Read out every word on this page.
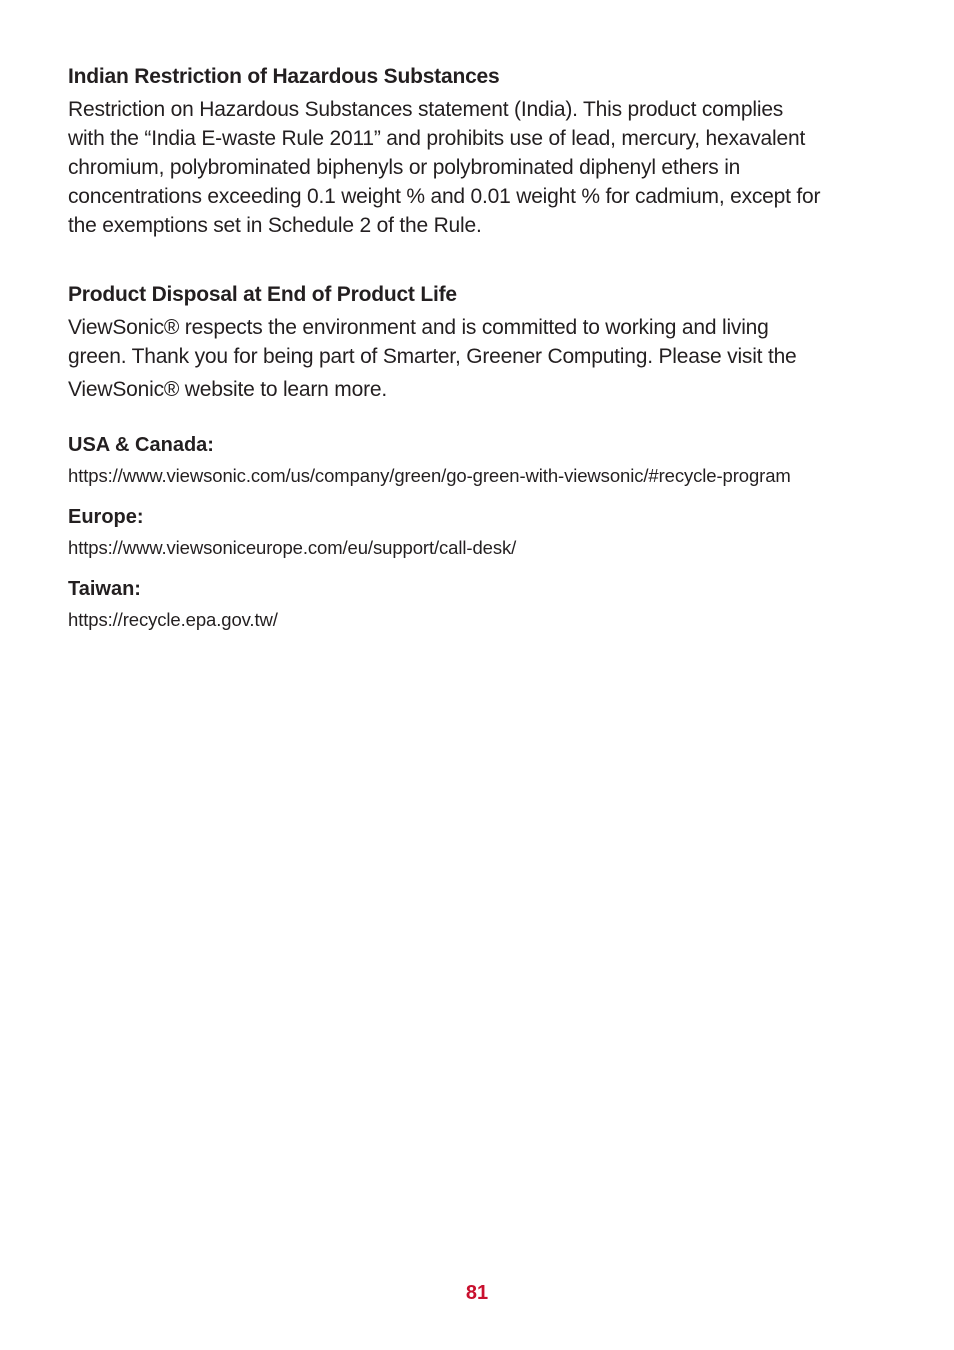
Indian Restriction of Hazardous Substances

Restriction on Hazardous Substances statement (India). This product complies
with the “India E-waste Rule 2011” and prohibits use of lead, mercury, hexavalent
chromium, polybrominated biphenyls or polybrominated diphenyl ethers in
concentrations exceeding 0.1 weight % and 0.01 weight % for cadmium, except for
the exemptions set in Schedule 2 of the Rule.

Product Disposal at End of Product Life

ViewSonic® respects the environment and is committed to working and living
green. Thank you for being part of Smarter, Greener Computing. Please visit the
ViewSonic® website to learn more.

USA & Canada:
https://www.viewsonic.com/us/company/green/go-green-with-viewsonic/#recycle-program
Europe:
https://www.viewsoniceurope.com/eu/support/call-desk/
Taiwan:
https://recycle.epa.gov.tw/
81
